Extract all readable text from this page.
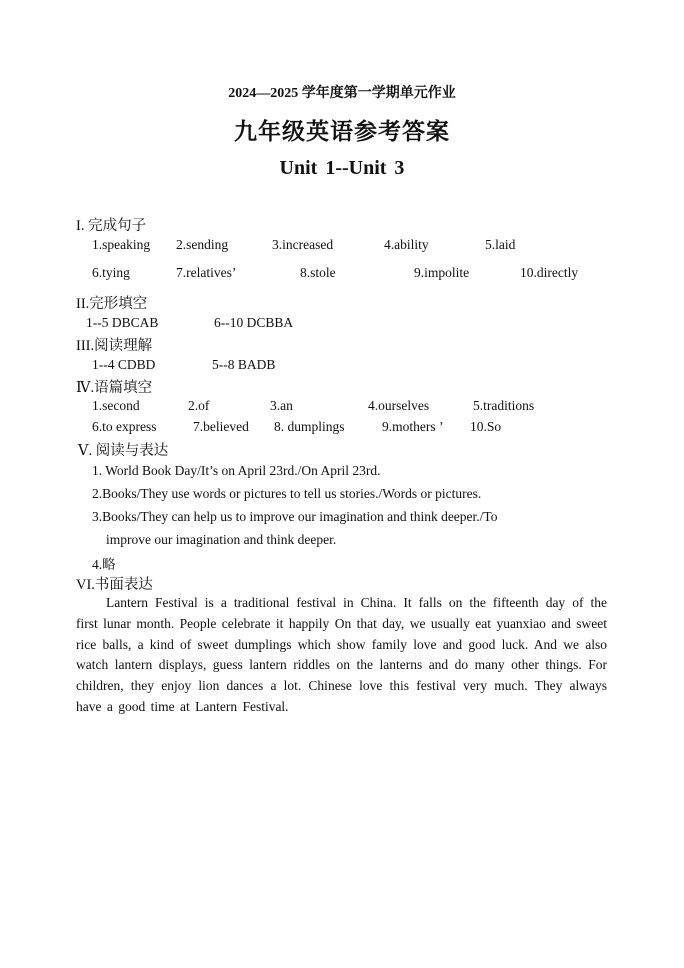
2024—2025 学年度第一学期单元作业
九年级英语参考答案
Unit 1--Unit 3
I. 完成句子
1.speaking 2.sending	3.increased	4.ability	5.laid
6.tying	7.relatives’	8.stole	9.impolite	10.directly
II.完形填空
1--5 DBCAB	6--10 DCBBA
III.阅读理解
1--4 CDBD	5--8 BADB
Ⅳ.语篇填空
1.second	2.of	3.an	4.ourselves	5.traditions
6.to express	7.believed 8. dumplings	9.mothers ’ 10.So
Ⅴ. 阅读与表达
1. World Book Day/It’s on April 23rd./On April 23rd.
2.Books/They use words or pictures to tell us stories./Words or pictures.
3.Books/They can help us to improve our imagination and think deeper./To
improve our imagination and think deeper.
4.略
VI.书面表达
Lantern Festival is a traditional festival in China. It falls on the fifteenth day of the first lunar month. People celebrate it happily On that day, we usually eat yuanxiao and sweet rice balls, a kind of sweet dumplings which show family love and good luck. And we also watch lantern displays, guess lantern riddles on the lanterns and do many other things. For children, they enjoy lion dances a lot. Chinese love this festival very much. They always have a good time at Lantern Festival.
